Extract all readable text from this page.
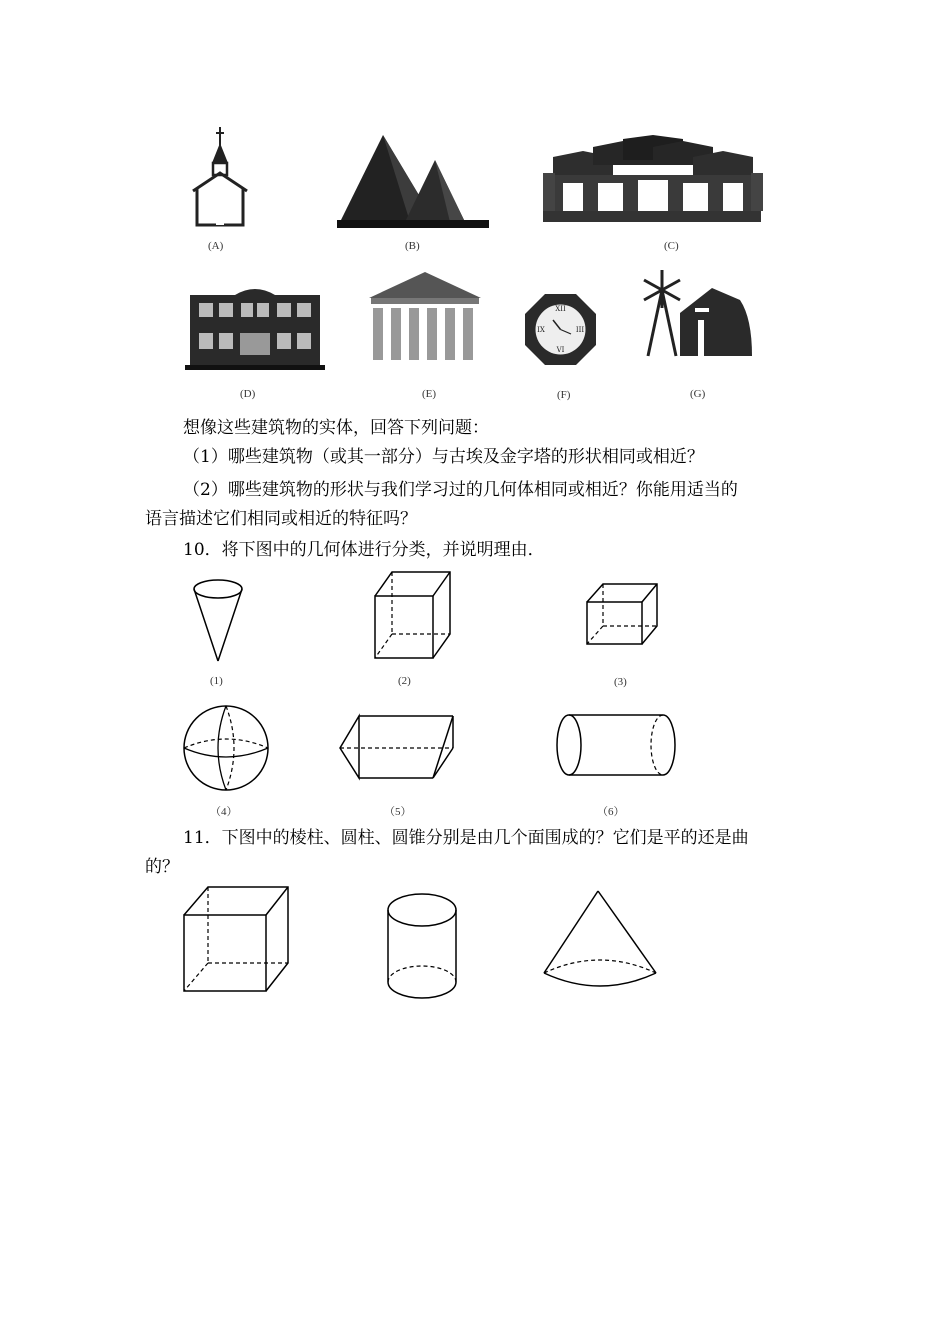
XII
III
VI
IX
(A)	(B)	(C)
(D)	(E)	(F)	(G)
想像这些建筑物的实体，回答下列问题：
（1）哪些建筑物（或其一部分）与古埃及金字塔的形状相同或相近？
（2）哪些建筑物的形状与我们学习过的几何体相同或相近？你能用适当的
语言描述它们相同或相近的特征吗？
10．将下图中的几何体进行分类，并说明理由．
(1)	(2)	(3)
（4）	（5）	（6）
11．下图中的棱柱、圆柱、圆锥分别是由几个面围成的？它们是平的还是曲
的？
